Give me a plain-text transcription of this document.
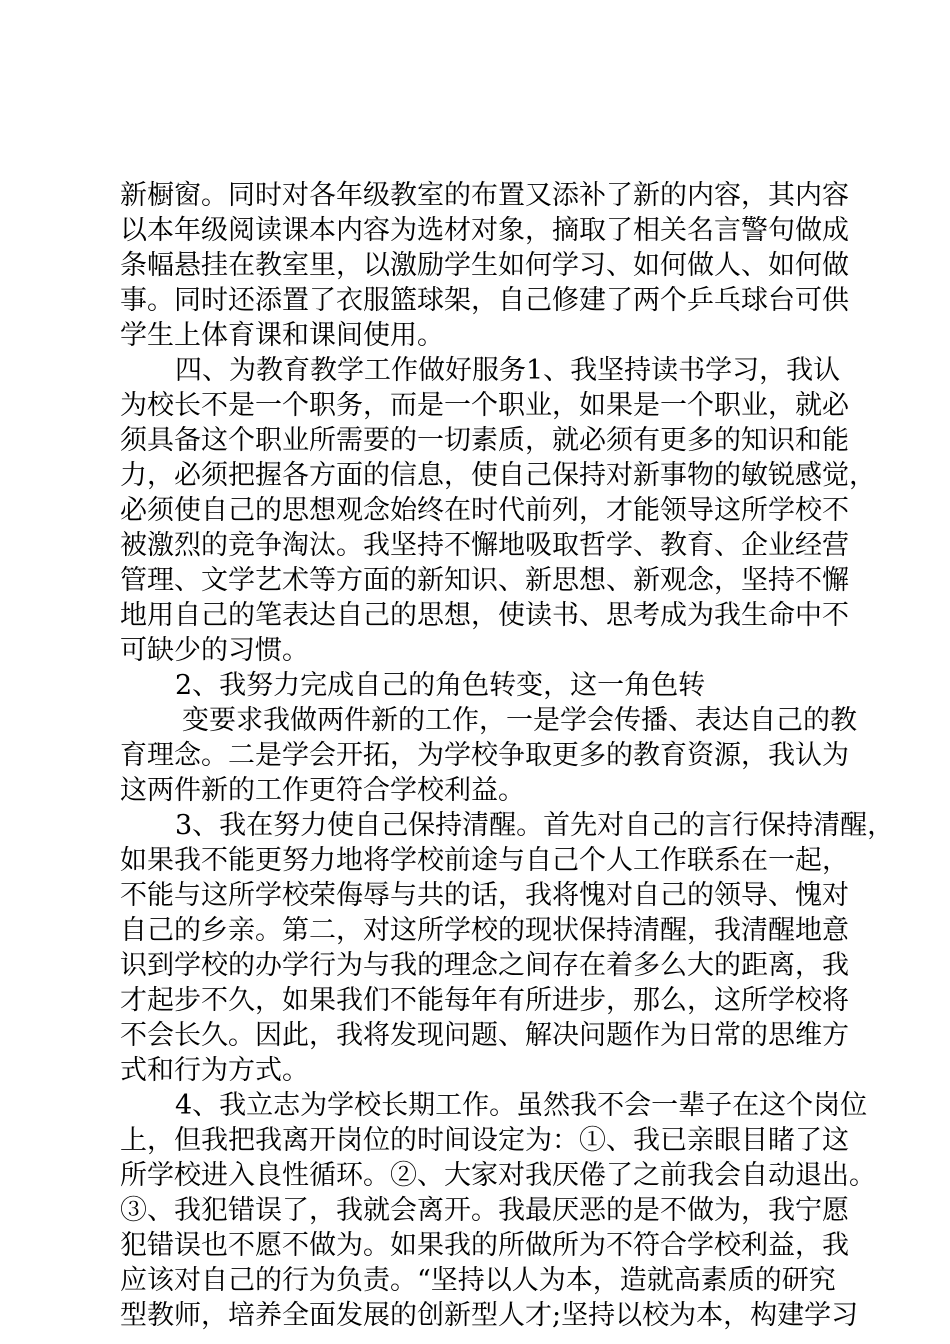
新橱窗。同时对各年级教室的布置又添补了新的内容，其内容
以本年级阅读课本内容为选材对象，摘取了相关名言警句做成
条幅悬挂在教室里，以激励学生如何学习、如何做人、如何做
事。同时还添置了衣服篮球架，自己修建了两个乒乓球台可供
学生上体育课和课间使用。
四、为教育教学工作做好服务1、我坚持读书学习，我认
为校长不是一个职务，而是一个职业，如果是一个职业，就必
须具备这个职业所需要的一切素质，就必须有更多的知识和能
力，必须把握各方面的信息，使自己保持对新事物的敏锐感觉，
必须使自己的思想观念始终在时代前列，才能领导这所学校不
被激烈的竞争淘汰。我坚持不懈地吸取哲学、教育、企业经营
管理、文学艺术等方面的新知识、新思想、新观念，坚持不懈
地用自己的笔表达自己的思想，使读书、思考成为我生命中不
可缺少的习惯。
2、我努力完成自己的角色转变，这一角色转
变要求我做两件新的工作，一是学会传播、表达自己的教
育理念。二是学会开拓，为学校争取更多的教育资源，我认为
这两件新的工作更符合学校利益。
3、我在努力使自己保持清醒。首先对自己的言行保持清醒，
如果我不能更努力地将学校前途与自己个人工作联系在一起，
不能与这所学校荣侮辱与共的话，我将愧对自己的领导、愧对
自己的乡亲。第二，对这所学校的现状保持清醒，我清醒地意
识到学校的办学行为与我的理念之间存在着多么大的距离，我
才起步不久，如果我们不能每年有所进步，那么，这所学校将
不会长久。因此，我将发现问题、解决问题作为日常的思维方
式和行为方式。
4、我立志为学校长期工作。虽然我不会一辈子在这个岗位
上，但我把我离开岗位的时间设定为：①、我已亲眼目睹了这
所学校进入良性循环。②、大家对我厌倦了之前我会自动退出。
③、我犯错误了，我就会离开。我最厌恶的是不做为，我宁愿
犯错误也不愿不做为。如果我的所做所为不符合学校利益，我
应该对自己的行为负责。“坚持以人为本，造就高素质的研究
型教师，培养全面发展的创新型人才;坚持以校为本，构建学习
